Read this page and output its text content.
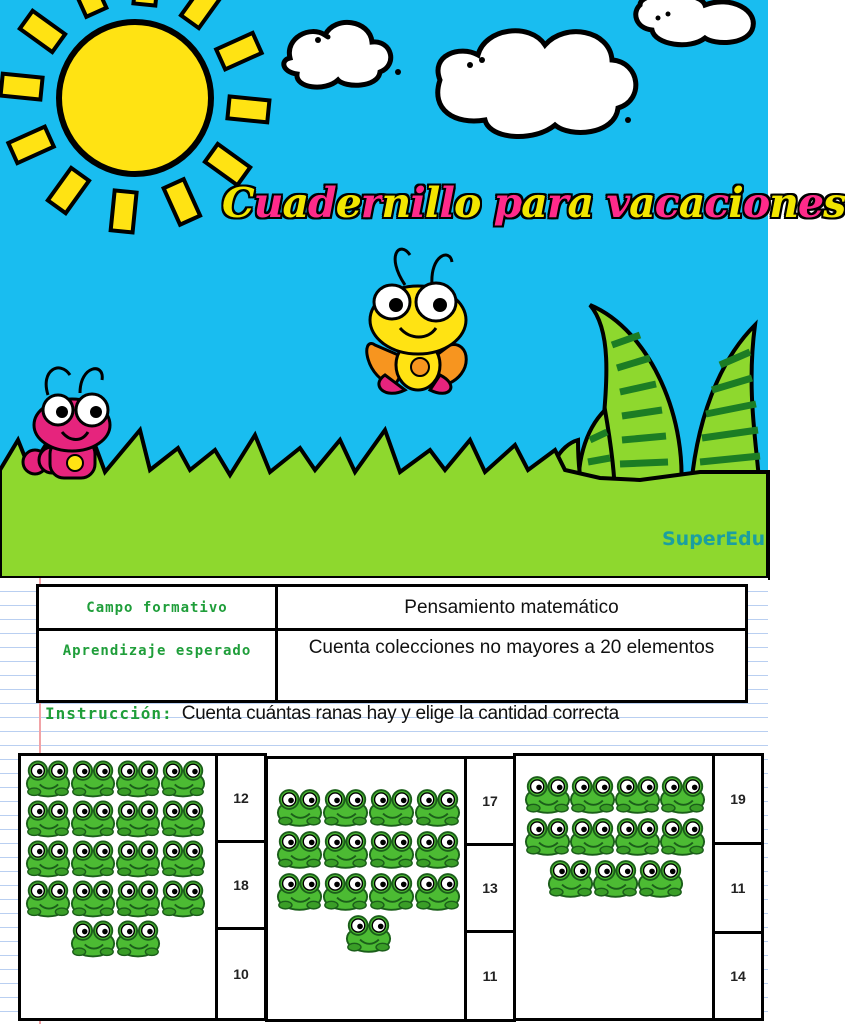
Cuadernillo para vacaciones
SuperEdu
Campo formativo	Pensamiento matemático
Aprendizaje esperado	Cuenta colecciones no mayores a 20 elementos
Instrucción: Cuenta cuántas ranas hay y elige la cantidad correcta
12
18
10
17
13
11
19
11
14
